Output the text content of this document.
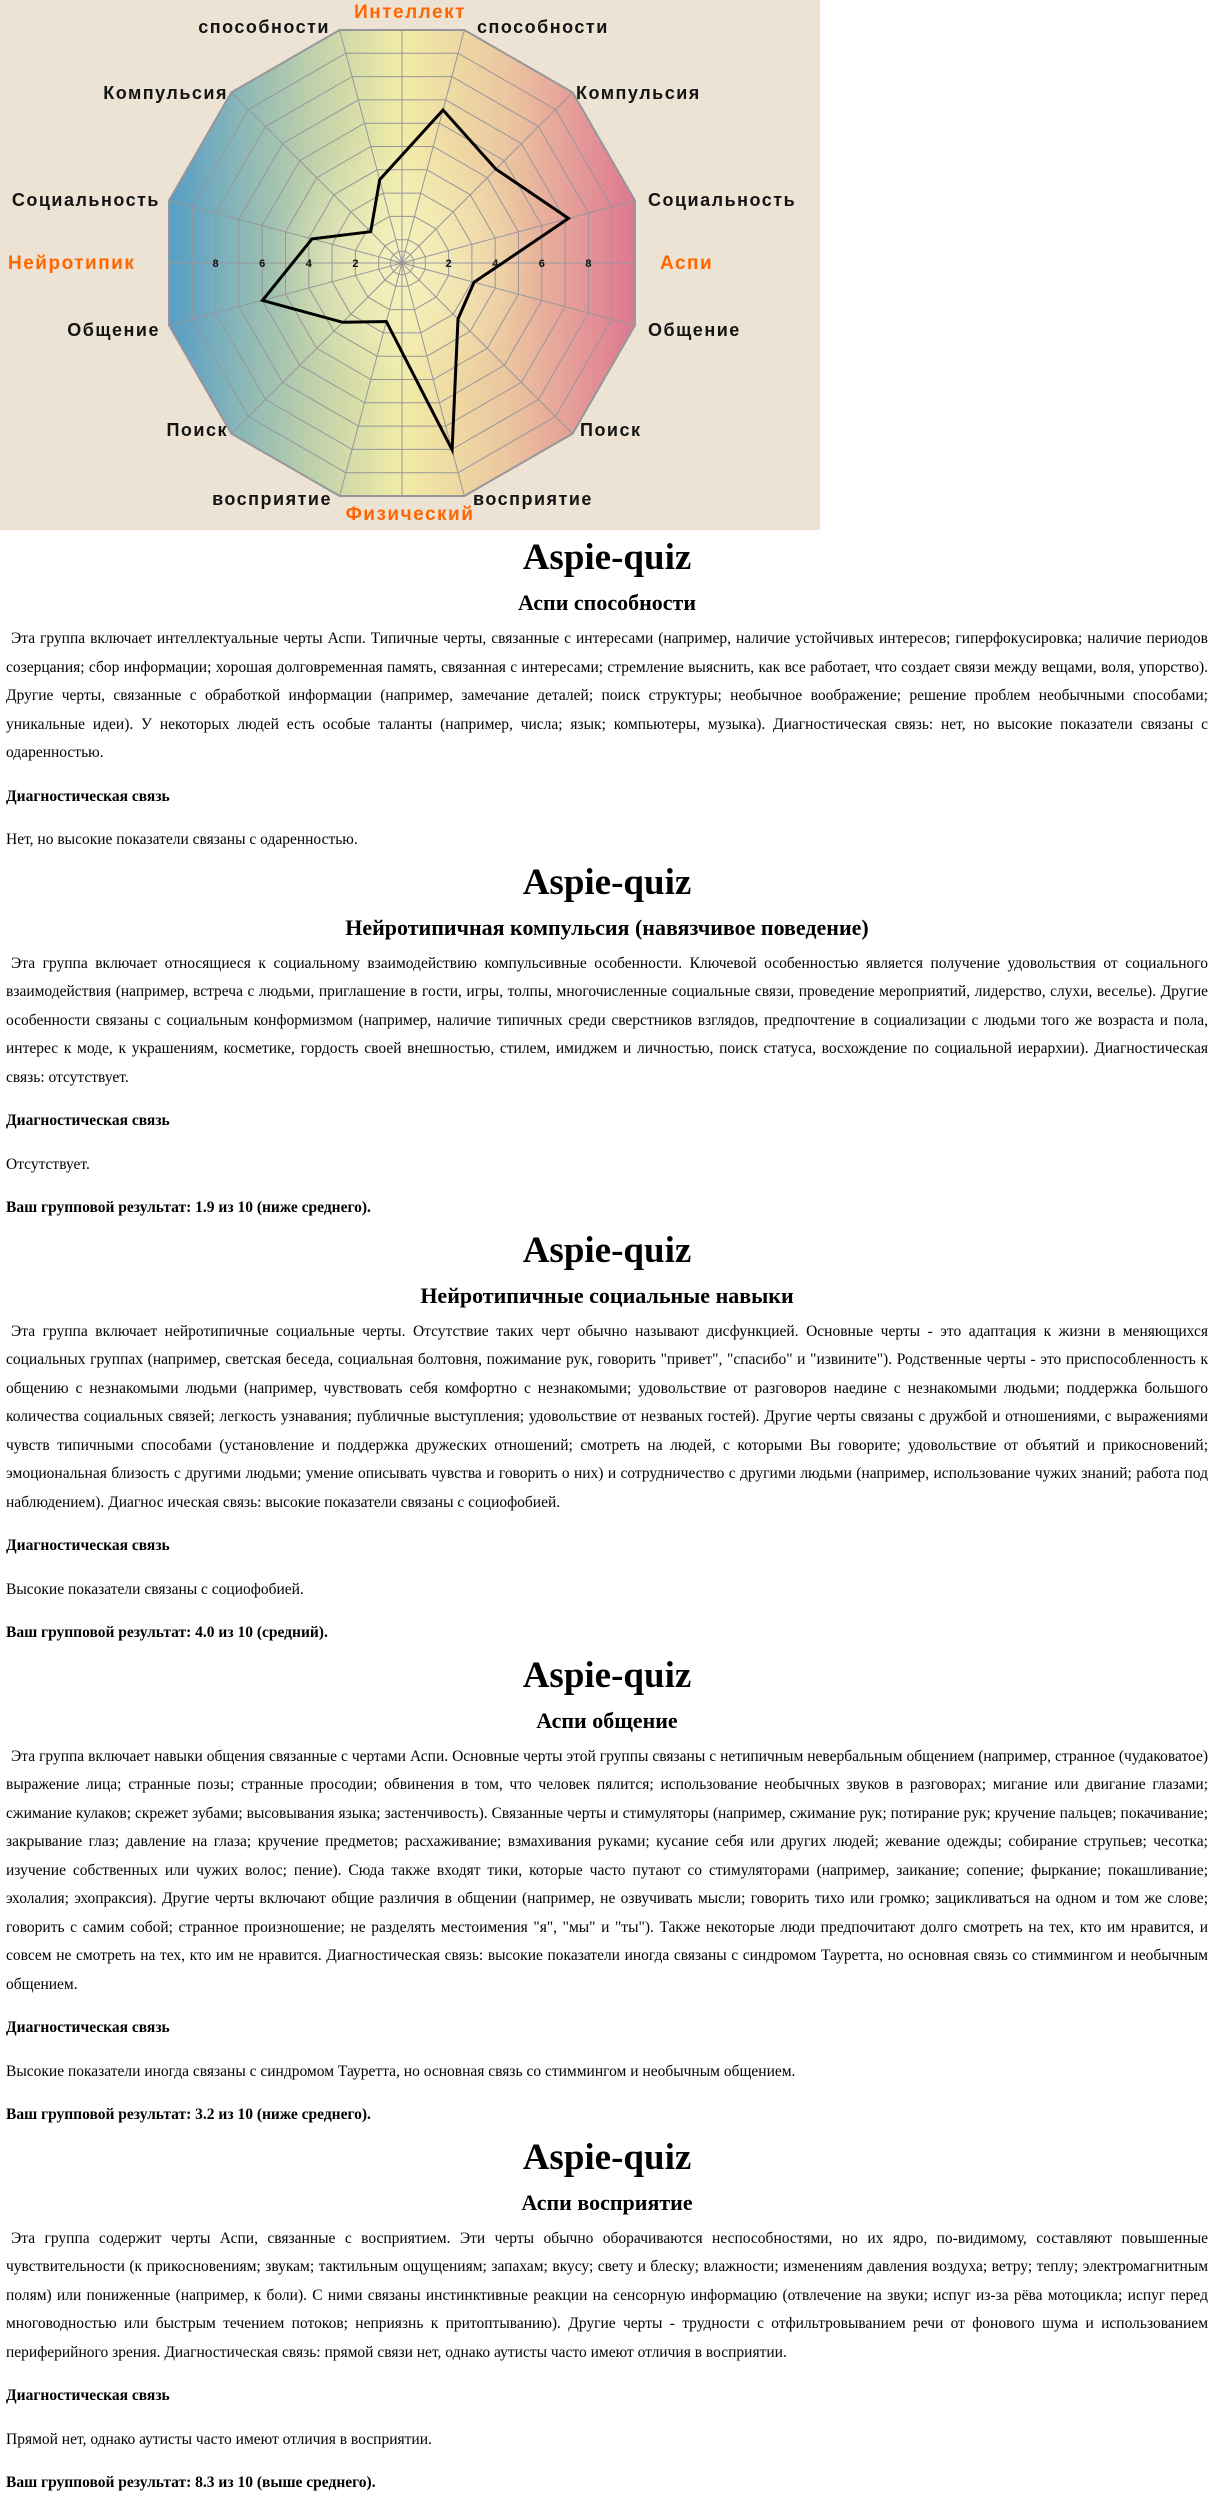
2	2
4	4
6	6
8	8
Интеллект
Физический
Нейротипик	Аспи
способности	способности
Компульсия	Компульсия
Социальность	Социальность
Общение	Общение
Поиск	Поиск
восприятие	восприятие
Aspie-quiz
Аспи способности

Эта группа включает интеллектуальные черты Аспи. Типичные черты, связанные с интересами (например, наличие устойчивых интересов; гиперфокусировка; наличие периодов созерцания; сбор информации; хорошая долговременная память, связанная с интересами; стремление выяснить, как все работает, что создает связи между вещами, воля, упорство). Другие черты, связанные с обработкой информации (например, замечание деталей; поиск структуры; необычное воображение; решение проблем необычными способами; уникальные идеи). У некоторых людей есть особые таланты (например, числа; язык; компьютеры, музыка). Диагностическая связь: нет, но высокие показатели связаны с одаренностью.

Диагностическая связь

Нет, но высокие показатели связаны с одаренностью.

Aspie-quiz
Нейротипичная компульсия (навязчивое поведение)

Эта группа включает относящиеся к социальному взаимодействию компульсивные особенности. Ключевой особенностью является получение удовольствия от социального взаимодействия (например, встреча с людьми, приглашение в гости, игры, толпы, многочисленные социальные связи, проведение мероприятий, лидерство, слухи, веселье). Другие особенности связаны с социальным конформизмом (например, наличие типичных среди сверстников взглядов, предпочтение в социализации с людьми того же возраста и пола, интерес к моде, к украшениям, косметике, гордость своей внешностью, стилем, имиджем и личностью, поиск статуса, восхождение по социальной иерархии). Диагностическая связь: отсутствует.

Диагностическая связь

Отсутствует.

Ваш групповой результат: 1.9 из 10 (ниже среднего).

Aspie-quiz
Нейротипичные социальные навыки

Эта группа включает нейротипичные социальные черты. Отсутствие таких черт обычно называют дисфункцией. Основные черты - это адаптация к жизни в меняющихся социальных группах (например, светская беседа, социальная болтовня, пожимание рук, говорить "привет", "спасибо" и "извините"). Родственные черты - это приспособленность к общению с незнакомыми людьми (например, чувствовать себя комфортно с незнакомыми; удовольствие от разговоров наедине с незнакомыми людьми; поддержка большого количества социальных связей; легкость узнавания; публичные выступления; удовольствие от незваных гостей). Другие черты связаны с дружбой и отношениями, с выражениями чувств типичными способами (установление и поддержка дружеских отношений; смотреть на людей, с которыми Вы говорите; удовольствие от объятий и прикосновений; эмоциональная близость с другими людьми; умение описывать чувства и говорить о них) и сотрудничество с другими людьми (например, использование чужих знаний; работа под наблюдением). Диагнос ическая связь: высокие показатели связаны с социофобией.

Диагностическая связь

Высокие показатели связаны с социофобией.

Ваш групповой результат: 4.0 из 10 (средний).

Aspie-quiz
Аспи общение

Эта группа включает навыки общения связанные с чертами Аспи. Основные черты этой группы связаны с нетипичным невербальным общением (например, странное (чудаковатое) выражение лица; странные позы; странные просодии; обвинения в том, что человек пялится; использование необычных звуков в разговорах; мигание или двигание глазами; сжимание кулаков; скрежет зубами; высовывания языка; застенчивость). Связанные черты и стимуляторы (например, сжимание рук; потирание рук; кручение пальцев; покачивание; закрывание глаз; давление на глаза; кручение предметов; расхаживание; взмахивания руками; кусание себя или других людей; жевание одежды; собирание струпьев; чесотка; изучение собственных или чужих волос; пение). Сюда также входят тики, которые часто путают со стимуляторами (например, заикание; сопение; фыркание; покашливание; эхолалия; эхопраксия). Другие черты включают общие различия в общении (например, не озвучивать мысли; говорить тихо или громко; зацикливаться на одном и том же слове; говорить с самим собой; странное произношение; не разделять местоимения "я", "мы" и "ты"). Также некоторые люди предпочитают долго смотреть на тех, кто им нравится, и совсем не смотреть на тех, кто им не нравится. Диагностическая связь: высокие показатели иногда связаны с синдромом Тауретта, но основная связь со стиммингом и необычным общением.

Диагностическая связь

Высокие показатели иногда связаны с синдромом Тауретта, но основная связь со стиммингом и необычным общением.

Ваш групповой результат: 3.2 из 10 (ниже среднего).

Aspie-quiz
Аспи восприятие

Эта группа содержит черты Аспи, связанные с восприятием. Эти черты обычно оборачиваются неспособностями, но их ядро, по-видимому, составляют повышенные чувствительности (к прикосновениям; звукам; тактильным ощущениям; запахам; вкусу; свету и блеску; влажности; изменениям давления воздуха; ветру; теплу; электромагнитным полям) или пониженные (например, к боли). С ними связаны инстинктивные реакции на сенсорную информацию (отвлечение на звуки; испуг из-за рёва мотоцикла; испуг перед многоводностью или быстрым течением потоков; неприязнь к притоптыванию). Другие черты - трудности с отфильтровыванием речи от фонового шума и использованием периферийного зрения. Диагностическая связь: прямой связи нет, однако аутисты часто имеют отличия в восприятии.

Диагностическая связь

Прямой нет, однако аутисты часто имеют отличия в восприятии.

Ваш групповой результат: 8.3 из 10 (выше среднего).
